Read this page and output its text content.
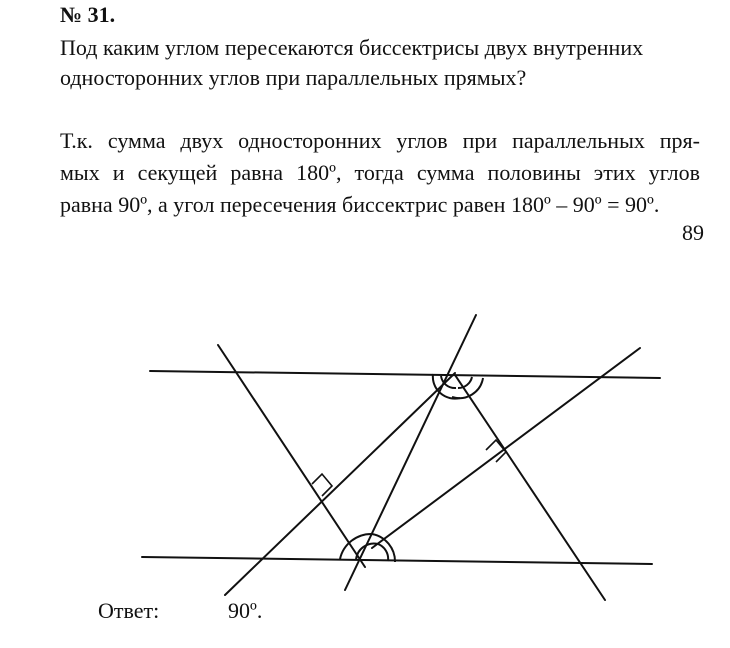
№ 31.

Под каким углом пересекаются биссектрисы двух внутренних односторонних углов при параллельных прямых?

Т.к. сумма двух односторонних углов при параллельных пря-
мых и секущей равна 180º, тогда сумма половины этих углов
равна 90º, а угол пересечения биссектрис равен 180º – 90º = 90º.

89

Ответ:	90º.
